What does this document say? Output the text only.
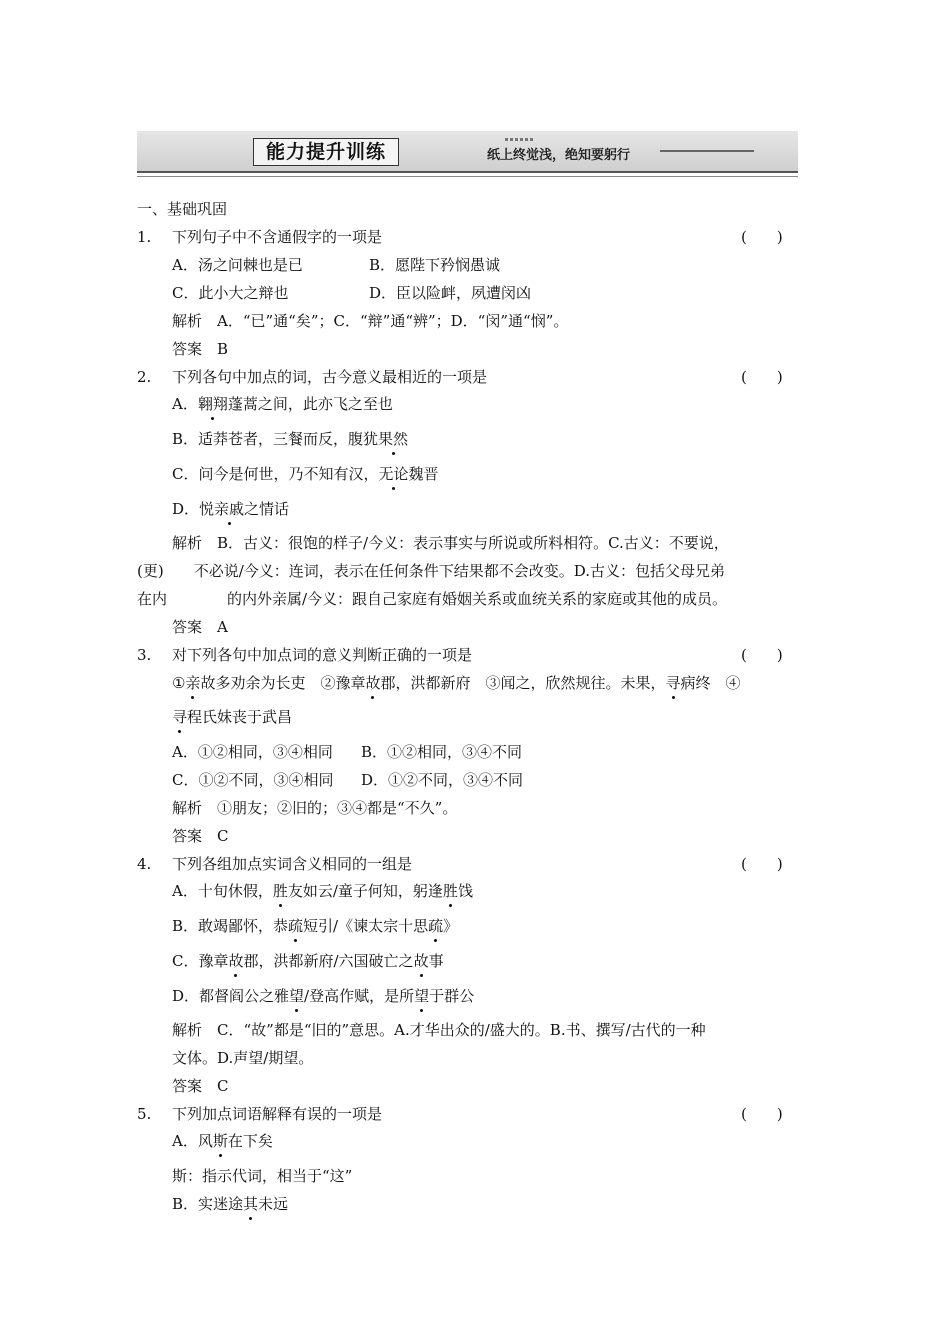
能力提升训练	纸上终觉浅，绝知要躬行
一、基础巩固
1. 下列句子中不含通假字的一项是	(　　)
A．汤之问棘也是已	B．愿陛下矜悯愚诚
C．此小大之辩也	D．臣以险衅，夙遭闵凶
解析　A．“已”通“矣”；C．“辩”通“辨”；D．“闵”通“悯”。
答案　B
2. 下列各句中加点的词，古今意义最相近的一项是	(　　)
A．翱翔蓬蒿之间，此亦飞之至也
B．适莽苍者，三餐而反，腹犹果然
C．问今是何世，乃不知有汉，无论魏晋
D．悦亲戚之情话
解析　B．古义：很饱的样子/今义：表示事实与所说或所料相符。C.古义：不要说，
(更)　　不必说/今义：连词，表示在任何条件下结果都不会改变。D.古义：包括父母兄弟
在内　　　　的内外亲属/今义：跟自己家庭有婚姻关系或血统关系的家庭或其他的成员。
答案　A
3. 对下列各句中加点词的意义判断正确的一项是	(　　)
①亲故多劝余为长吏　②豫章故郡，洪都新府　③闻之，欣然规往。未果，寻病终　④
寻程氏妹丧于武昌
A．①②相同，③④相同 B．①②相同，③④不同
C．①②不同，③④相同 D．①②不同，③④不同
解析　①朋友；②旧的；③④都是“不久”。
答案　C
4. 下列各组加点实词含义相同的一组是	(　　)
A．十旬休假，胜友如云/童子何知，躬逢胜饯
B．敢竭鄙怀，恭疏短引/《谏太宗十思疏》
C．豫章故郡，洪都新府/六国破亡之故事
D．都督阎公之雅望/登高作赋，是所望于群公
解析　C．“故”都是“旧的”意思。A.才华出众的/盛大的。B.书、撰写/古代的一种
文体。D.声望/期望。
答案　C
5. 下列加点词语解释有误的一项是	(　　)
A．风斯在下矣
斯：指示代词，相当于“这”
B．实迷途其未远
